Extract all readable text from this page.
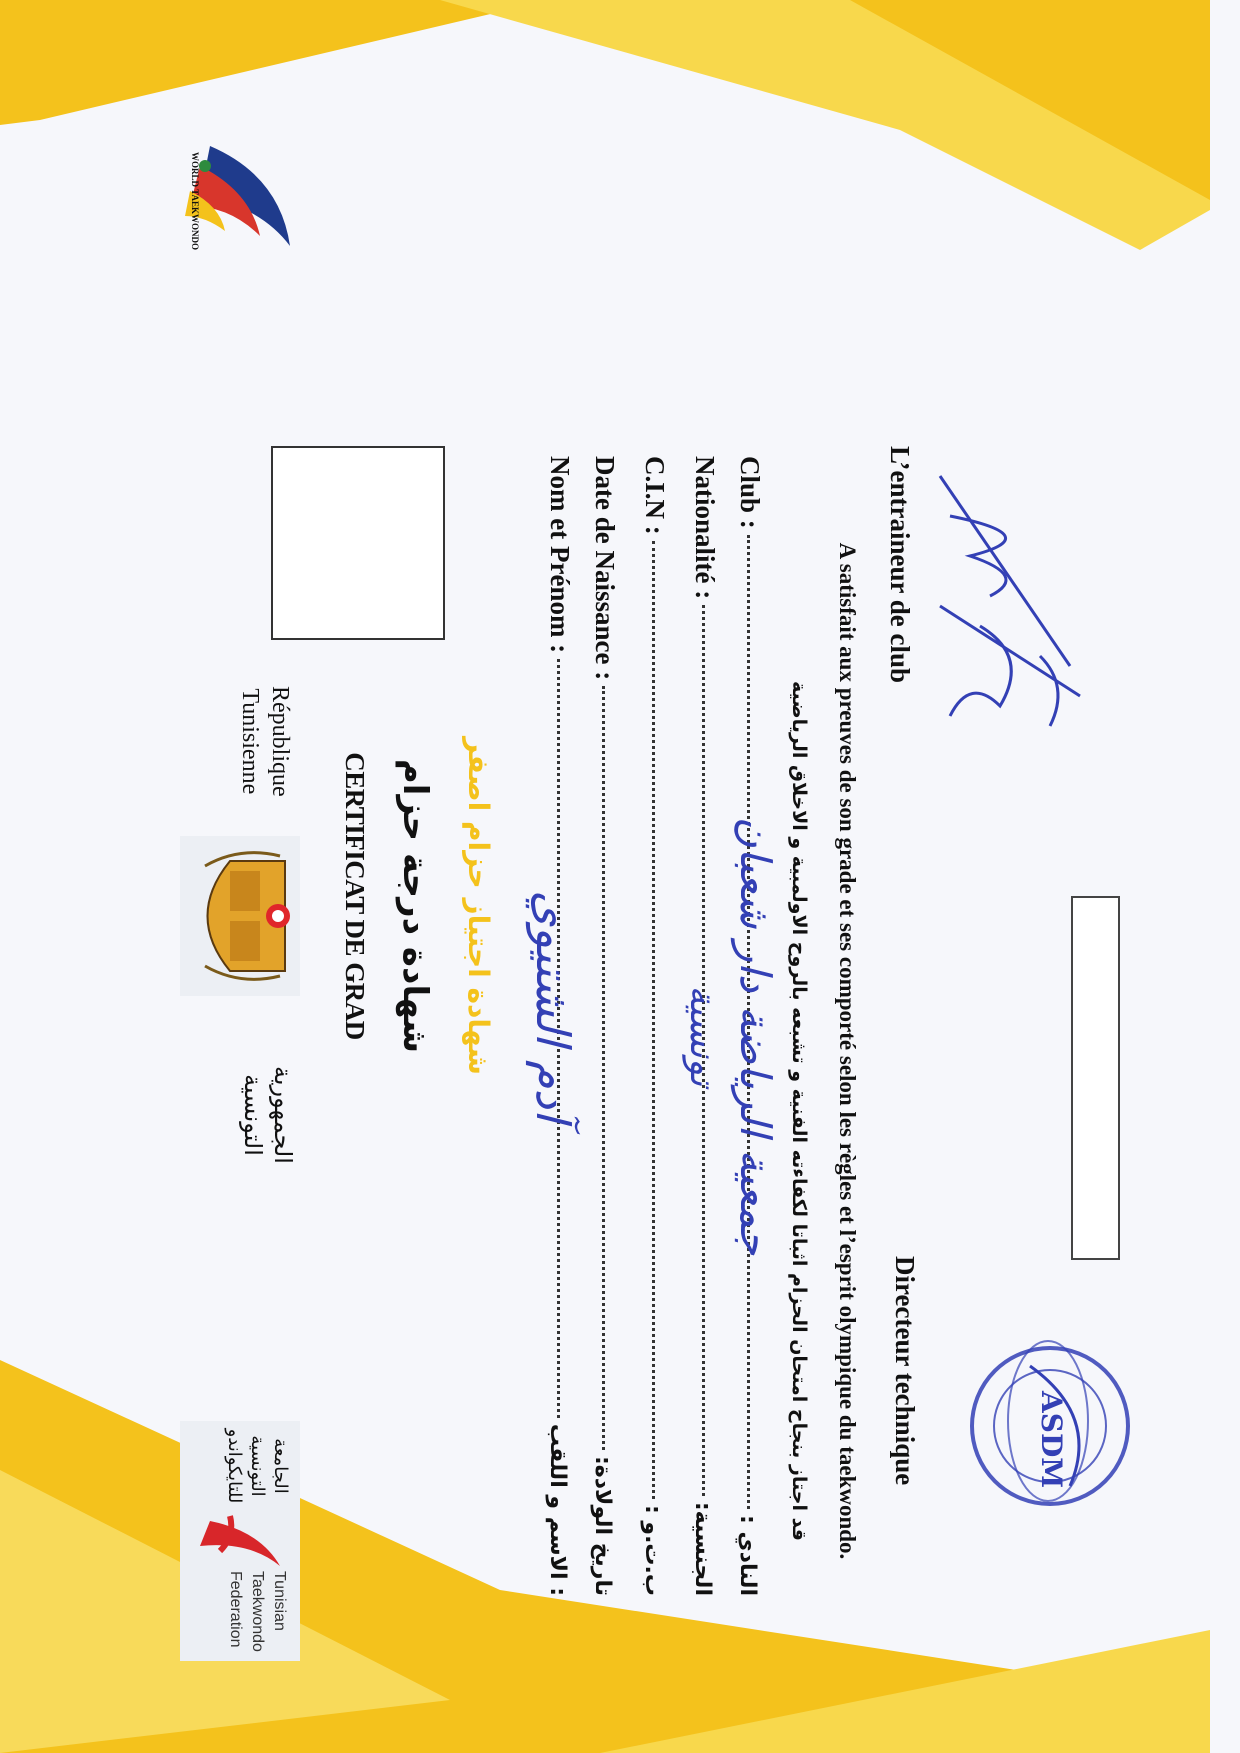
WORLD TAEKWONDO
République
Tunisienne
الجمهورية
التونسية
الجامعة
التونسية
للتايكواندو
Tunisian
Taekwondo
Federation
CERTIFICAT DE GRAD شهادة درجة حزام شهادة اجتياز حزام اصفر
Nom et Prénom :
: الاسم و اللقب
آدم الشتيوي
Date de Naissance :
تاريخ الولادة:
C.I.N :
ب.ت.و :
Nationalité :
الجنسية:
تونسية
Club :
النادي :
جمعية الرياضة دار شعبان قد اجتاز بنجاح امتحان الحزام اثباتا لكفاءته الفنية و تشبعه بالروح الاولمبية و الاخلاق الرياضية A satisfait aux preuves de son grade et ses comporté selon les règles et l’esprit olympique du taekwondo. L’entraineur de club
Directeur technique	ASDM
